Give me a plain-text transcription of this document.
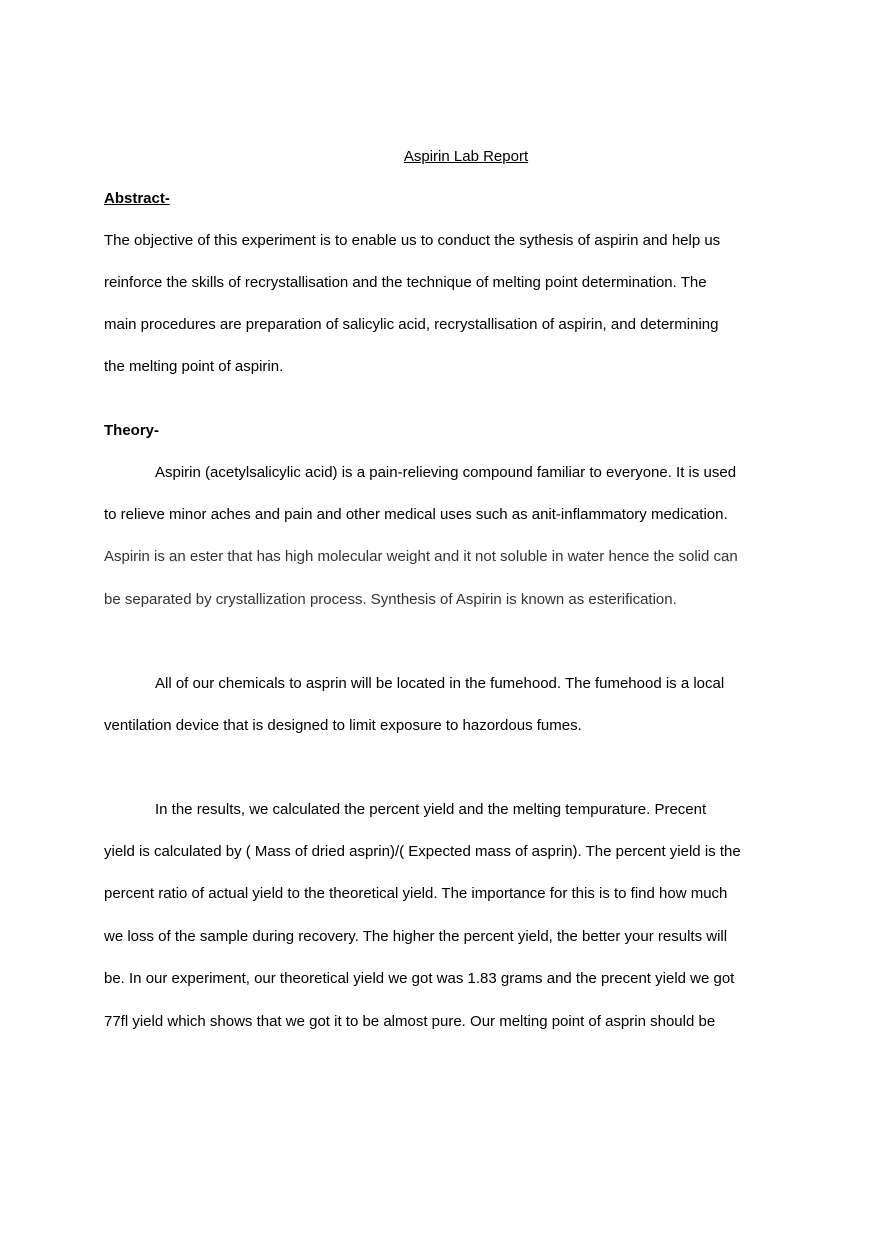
Aspirin Lab Report
Abstract-
The objective of this experiment is to enable us to conduct the sythesis of aspirin and help us
reinforce the skills of recrystallisation and the technique of melting point determination. The
main procedures are preparation of salicylic acid, recrystallisation of aspirin, and determining
the melting point of aspirin.
Theory-
Aspirin (acetylsalicylic acid) is a pain-relieving compound familiar to everyone. It is used
to relieve minor aches and pain and other medical uses such as anit-inflammatory medication.
Aspirin is an ester that has high molecular weight and it not soluble in water hence the solid can
be separated by crystallization process. Synthesis of Aspirin is known as esterification.
All of our chemicals to asprin will be located in the fumehood. The fumehood is a local
ventilation device that is designed to limit exposure to hazordous fumes.
In the results, we calculated the percent yield and the melting tempurature. Precent
yield is calculated by ( Mass of dried asprin)/( Expected mass of asprin). The percent yield is the
percent ratio of actual yield to the theoretical yield. The importance for this is to find how much
we loss of the sample during recovery. The higher the percent yield, the better your results will
be. In our experiment, our theoretical yield we got was 1.83 grams and the precent yield we got
77fl yield which shows that we got it to be almost pure. Our melting point of asprin should be
